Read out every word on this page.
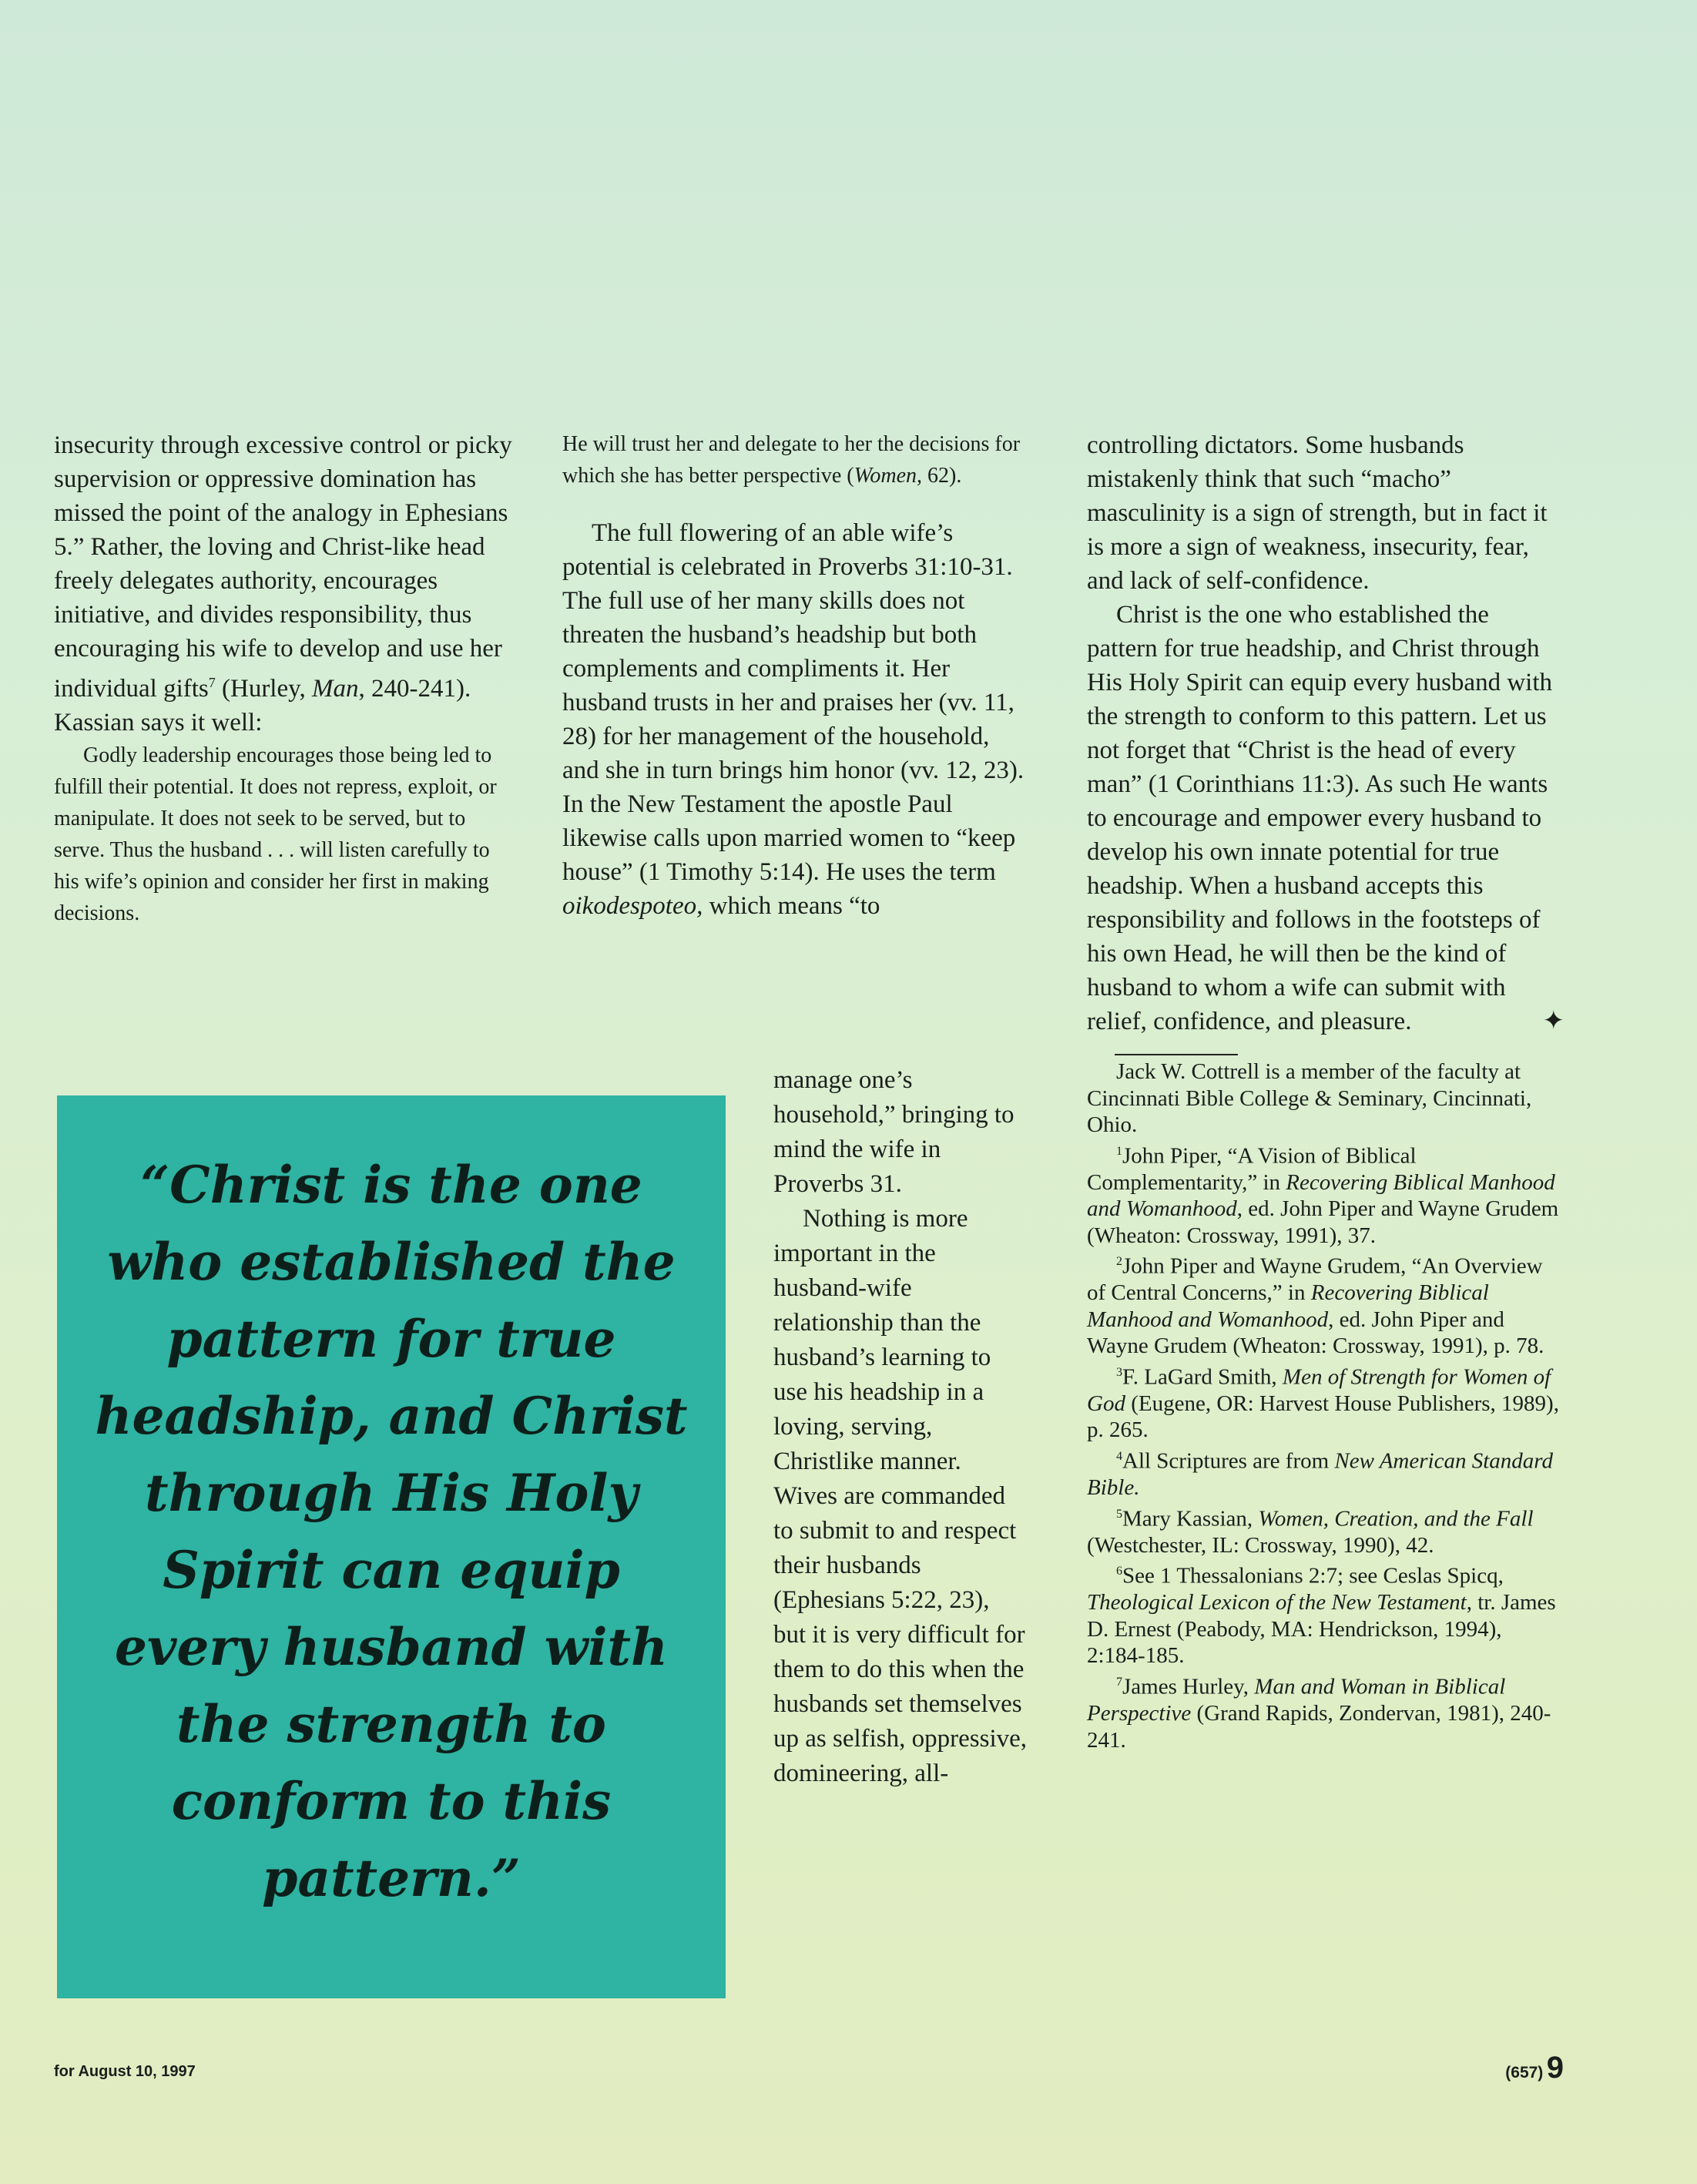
insecurity through excessive control or picky supervision or oppressive domination has missed the point of the analogy in Ephesians 5.” Rather, the loving and Christ-like head freely delegates authority, encourages initiative, and divides responsibility, thus encouraging his wife to develop and use her individual gifts$^7$ (Hurley, Man, 240-241). Kassian says it well:

Godly leadership encourages those being led to fulfill their potential. It does not repress, exploit, or manipulate. It does not seek to be served, but to serve. Thus the husband . . . will listen carefully to his wife’s opinion and consider her first in making decisions.

He will trust her and delegate to her the decisions for which she has better perspective (Women, 62).

The full flowering of an able wife’s potential is celebrated in Proverbs 31:10-31. The full use of her many skills does not threaten the husband’s headship but both complements and compliments it. Her husband trusts in her and praises her (vv. 11, 28) for her management of the household, and she in turn brings him honor (vv. 12, 23). In the New Testament the apostle Paul likewise calls upon married women to “keep house” (1 Timothy 5:14). He uses the term oikodespoteo, which means “to

“Christ is the one who established the pattern for true headship, and Christ through His Holy Spirit can equip every husband with the strength to conform to this pattern.”

manage one’s household,” bringing to mind the wife in Proverbs 31.

Nothing is more important in the husband-wife relationship than the husband’s learning to use his headship in a loving, serving, Christlike manner. Wives are commanded to submit to and respect their husbands (Ephesians 5:22, 23), but it is very difficult for them to do this when the husbands set themselves up as selfish, oppressive, domineering, all-

controlling dictators. Some husbands mistakenly think that such “macho” masculinity is a sign of strength, but in fact it is more a sign of weakness, insecurity, fear, and lack of self-confidence.

Christ is the one who established the pattern for true headship, and Christ through His Holy Spirit can equip every husband with the strength to conform to this pattern. Let us not forget that “Christ is the head of every man” (1 Corinthians 11:3). As such He wants to encourage and empower every husband to develop his own innate potential for true headship. When a husband accepts this responsibility and follows in the footsteps of his own Head, he will then be the kind of husband to whom a wife can submit with relief, confidence, and pleasure.	✦

Jack W. Cottrell is a member of the faculty at Cincinnati Bible College & Seminary, Cincinnati, Ohio.

$^1$John Piper, “A Vision of Biblical Complementarity,” in Recovering Biblical Manhood and Womanhood, ed. John Piper and Wayne Grudem (Wheaton: Crossway, 1991), 37.

$^2$John Piper and Wayne Grudem, “An Overview of Central Concerns,” in Recovering Biblical Manhood and Womanhood, ed. John Piper and Wayne Grudem (Wheaton: Crossway, 1991), p. 78.

$^3$F. LaGard Smith, Men of Strength for Women of God (Eugene, OR: Harvest House Publishers, 1989), p. 265.

$^4$All Scriptures are from New American Standard Bible.

$^5$Mary Kassian, Women, Creation, and the Fall (Westchester, IL: Crossway, 1990), 42.

$^6$See 1 Thessalonians 2:7; see Ceslas Spicq, Theological Lexicon of the New Testament, tr. James D. Ernest (Peabody, MA: Hendrickson, 1994), 2:184-185.

$^7$James Hurley, Man and Woman in Biblical Perspective (Grand Rapids, Zondervan, 1981), 240-241.

for August 10, 1997	(657) 9
